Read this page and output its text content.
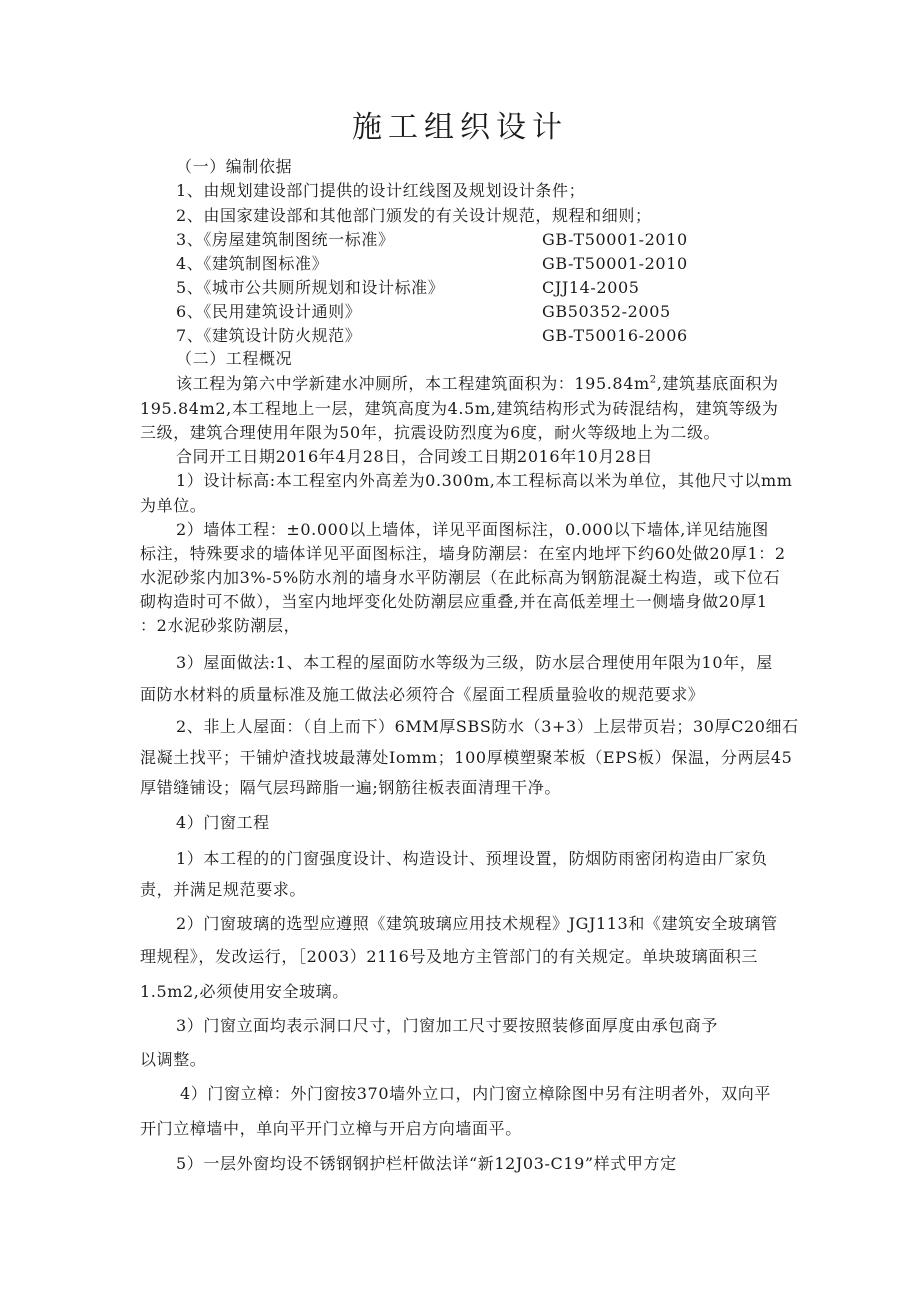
施工组织设计
（一）编制依据
1、由规划建设部门提供的设计红线图及规划设计条件；
2、由国家建设部和其他部门颁发的有关设计规范，规程和细则；
3、《房屋建筑制图统一标准》	GB-T50001-2010
4、《建筑制图标准》	GB-T50001-2010
5、《城市公共厕所规划和设计标准》	CJJ14-2005
6、《民用建筑设计通则》	GB50352-2005
7、《建筑设计防火规范》	GB-T50016-2006
（二）工程概况
该工程为第六中学新建水冲厕所，本工程建筑面积为：$195.84m^2$,建筑基底面积为
195.84m2,本工程地上一层，建筑高度为4.5m,建筑结构形式为砖混结构，建筑等级为
三级，建筑合理使用年限为50年，抗震设防烈度为6度，耐火等级地上为二级。
合同开工日期2016年4月28日，合同竣工日期2016年10月28日
1）设计标高:本工程室内外高差为0.300m,本工程标高以米为单位，其他尺寸以mm
为单位。
2）墙体工程：±0.000以上墙体，详见平面图标注，0.000以下墙体,详见结施图
标注，特殊要求的墙体详见平面图标注，墙身防潮层：在室内地坪下约60处做20厚1：2
水泥砂浆内加3%-5%防水剂的墙身水平防潮层（在此标高为钢筋混凝土构造，或下位石
砌构造时可不做），当室内地坪变化处防潮层应重叠,并在高低差埋土一侧墙身做20厚1
：2水泥砂浆防潮层，
3）屋面做法:1、本工程的屋面防水等级为三级，防水层合理使用年限为10年，屋
面防水材料的质量标准及施工做法必须符合《屋面工程质量验收的规范要求》
2、非上人屋面：（自上而下）6MM厚SBS防水（3+3）上层带页岩；30厚C20细石
混凝土找平；干铺炉渣找坡最薄处Iomm；100厚模塑聚苯板（EPS板）保温，分两层45
厚错缝铺设；隔气层玛蹄脂一遍;钢筋往板表面清理干净。
4）门窗工程
1）本工程的的门窗强度设计、构造设计、预埋设置，防烟防雨密闭构造由厂家负
责，并满足规范要求。
2）门窗玻璃的选型应遵照《建筑玻璃应用技术规程》JGJ113和《建筑安全玻璃管
理规程》，发改运行，［2003）2116号及地方主管部门的有关规定。单块玻璃面积三
1.5m2,必须使用安全玻璃。
3）门窗立面均表示洞口尺寸，门窗加工尺寸要按照装修面厚度由承包商予
以调整。
4）门窗立樟：外门窗按370墙外立口，内门窗立樟除图中另有注明者外，双向平
开门立樟墙中，单向平开门立樟与开启方向墙面平。
5）一层外窗均设不锈钢钢护栏杆做法详“新12J03-C19”样式甲方定
